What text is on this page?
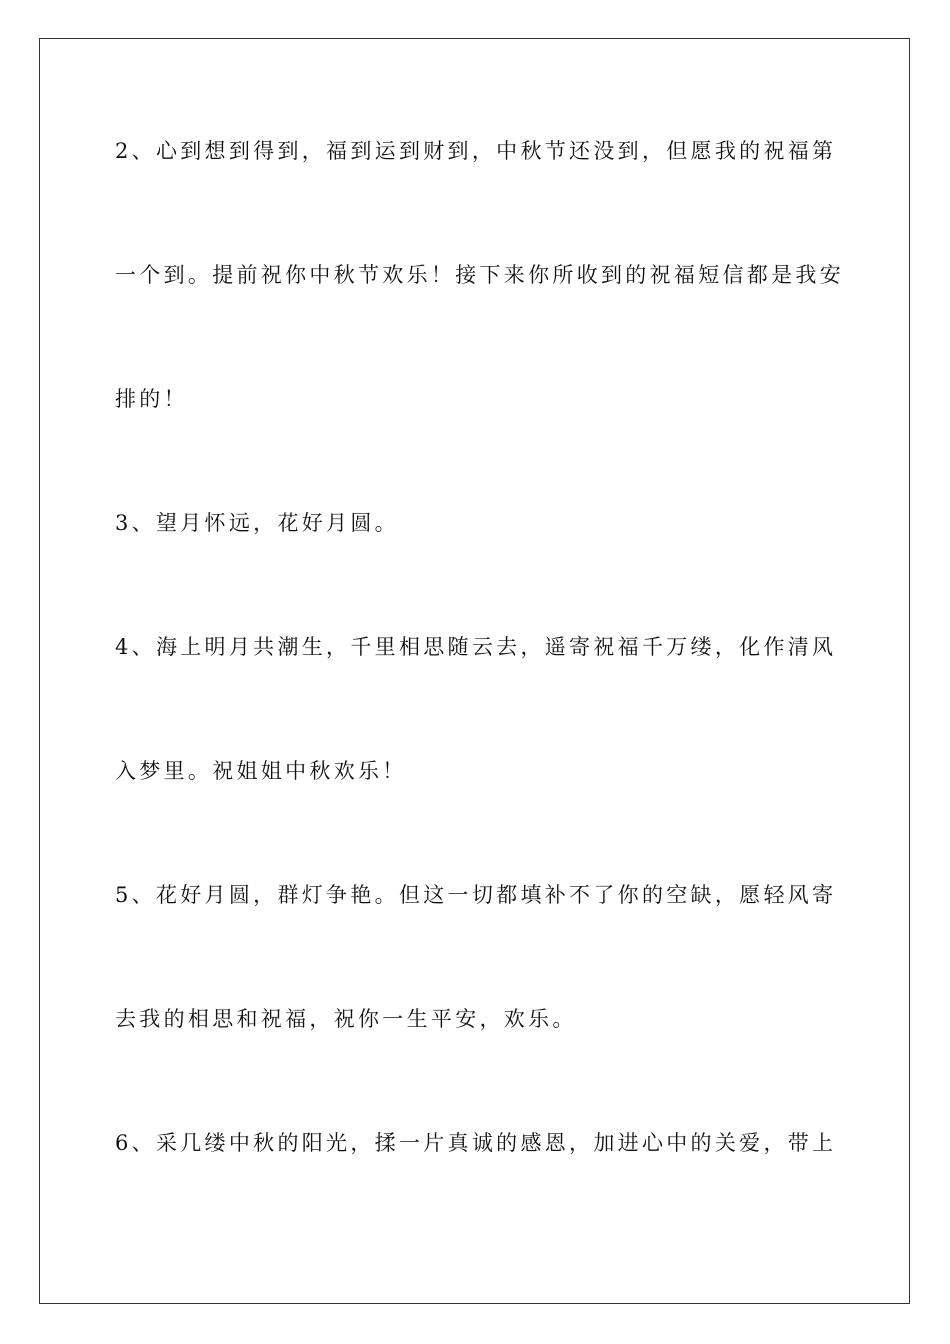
2、心到想到得到，福到运到财到，中秋节还没到，但愿我的祝福第

一个到。提前祝你中秋节欢乐！接下来你所收到的祝福短信都是我安

排的！

3、望月怀远，花好月圆。

4、海上明月共潮生，千里相思随云去，遥寄祝福千万缕，化作清风

入梦里。祝姐姐中秋欢乐！

5、花好月圆，群灯争艳。但这一切都填补不了你的空缺，愿轻风寄

去我的相思和祝福，祝你一生平安，欢乐。

6、采几缕中秋的阳光，揉一片真诚的感恩，加进心中的关爱，带上
